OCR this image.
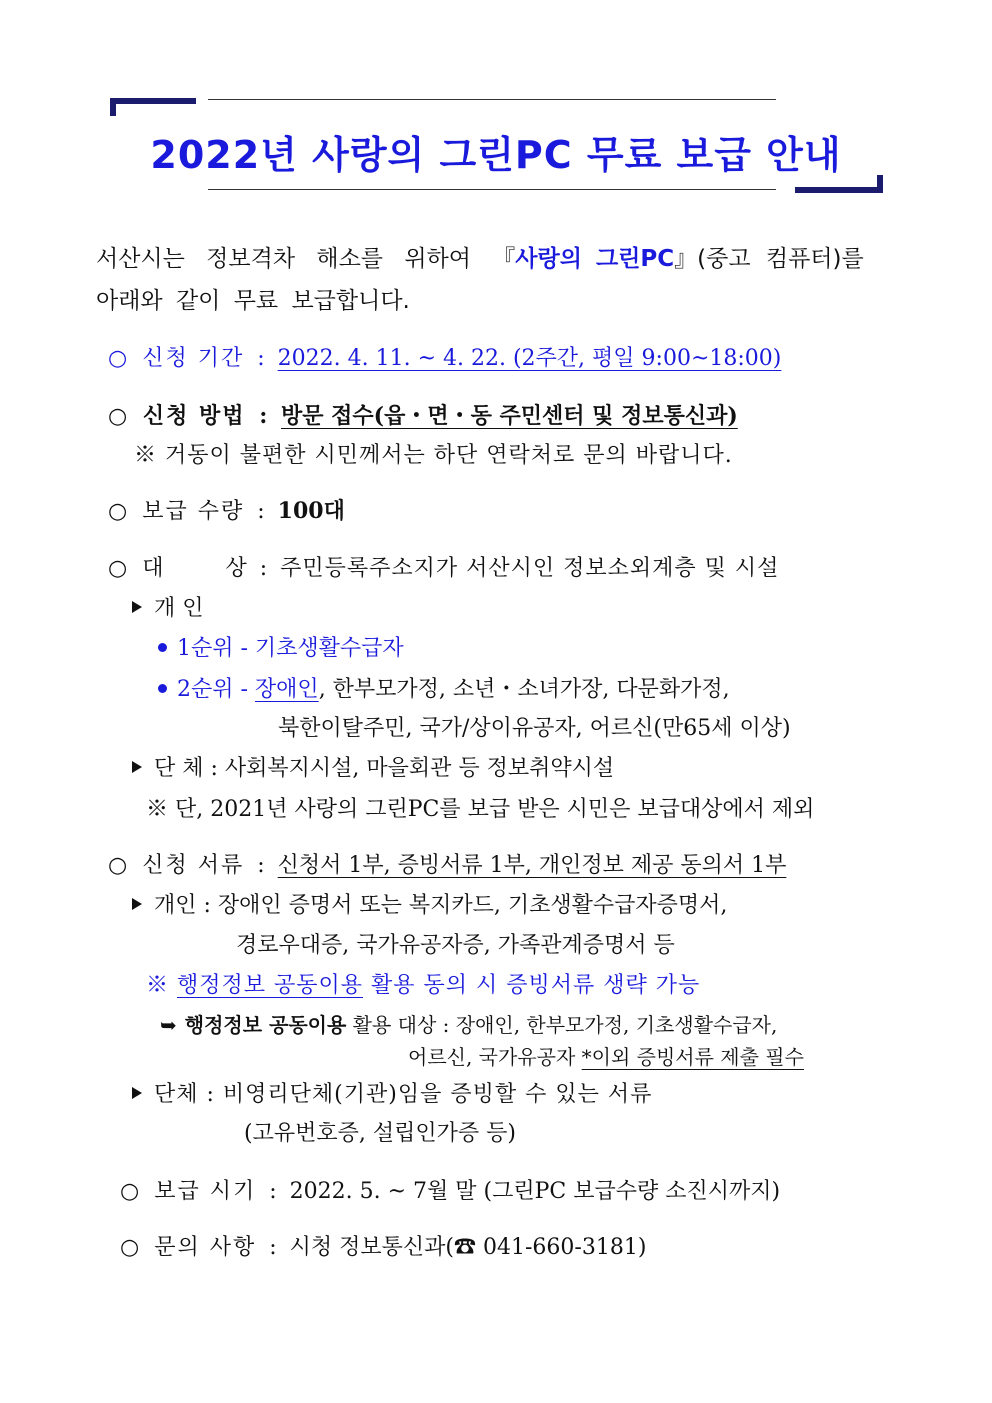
2022년 사랑의 그린PC 무료 보급 안내
서산시는 정보격차 해소를 위하여 『사랑의 그린PC』(중고 컴퓨터)를
아래와 같이 무료 보급합니다.
○ 신청 기간 : 2022. 4. 11. ~ 4. 22. (2주간, 평일 9:00~18:00)
○ 신청 방법 : 방문 접수(읍・면・동 주민센터 및 정보통신과)
※ 거동이 불편한 시민께서는 하단 연락처로 문의 바랍니다.
○ 보급 수량 : 100대
○ 대	상 : 주민등록주소지가 서산시인 정보소외계층 및 시설
개 인
1순위 - 기초생활수급자
2순위 - 장애인, 한부모가정, 소년・소녀가장, 다문화가정,
북한이탈주민, 국가/상이유공자, 어르신(만65세 이상)
단 체 : 사회복지시설, 마을회관 등 정보취약시설
※ 단, 2021년 사랑의 그린PC를 보급 받은 시민은 보급대상에서 제외
○ 신청 서류 : 신청서 1부, 증빙서류 1부, 개인정보 제공 동의서 1부
개인 : 장애인 증명서 또는 복지카드, 기초생활수급자증명서,
경로우대증, 국가유공자증, 가족관계증명서 등
※ 행정정보 공동이용 활용 동의 시 증빙서류 생략 가능
➥ 행정정보 공동이용 활용 대상 : 장애인, 한부모가정, 기초생활수급자,
어르신, 국가유공자 *이외 증빙서류 제출 필수
단체 : 비영리단체(기관)임을 증빙할 수 있는 서류
(고유번호증, 설립인가증 등)
○ 보급 시기 : 2022. 5. ~ 7월 말 (그린PC 보급수량 소진시까지)
○ 문의 사항 : 시청 정보통신과(☎ 041-660-3181)
